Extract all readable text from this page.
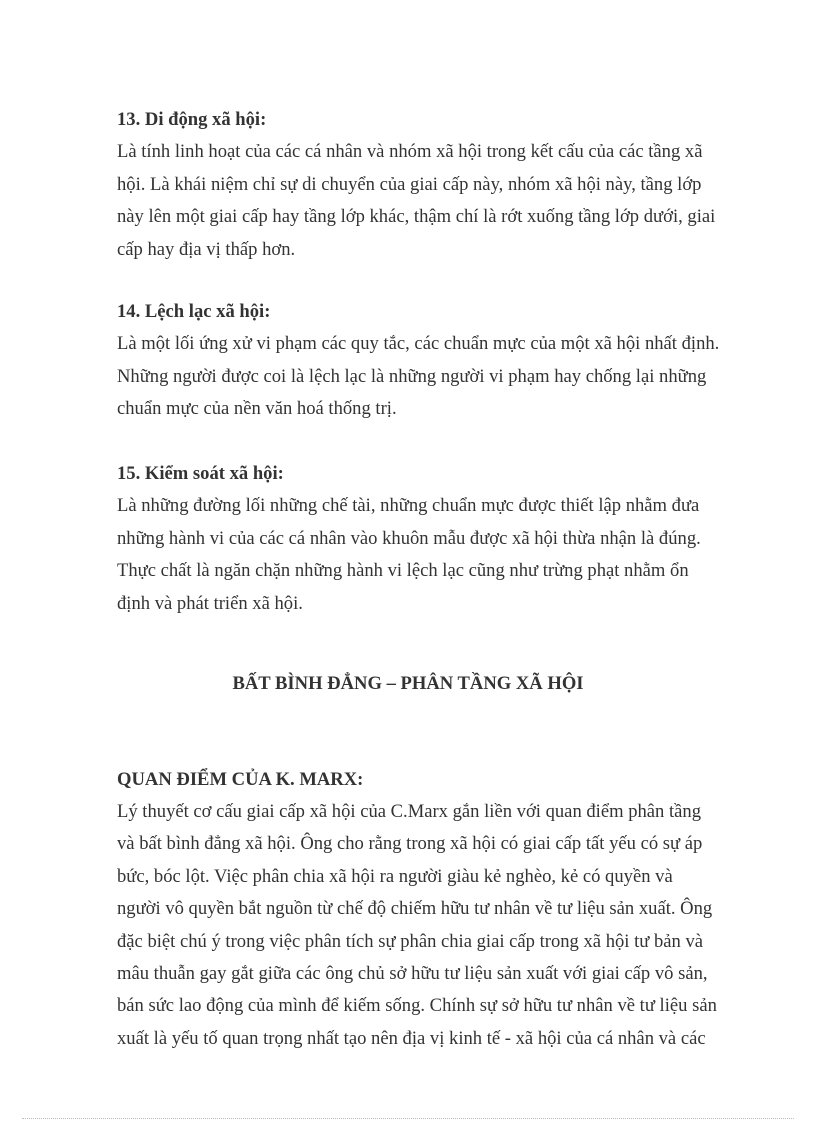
13. Di động xã hội:

Là tính linh hoạt của các cá nhân và nhóm xã hội trong kết cấu của các tầng xã

hội. Là khái niệm chỉ sự di chuyển của giai cấp này, nhóm xã hội này, tầng lớp

này lên một giai cấp hay tầng lớp khác, thậm chí là rớt xuống tầng lớp dưới, giai

cấp hay địa vị thấp hơn.

14. Lệch lạc xã hội:

Là một lối ứng xử vi phạm các quy tắc, các chuẩn mực của một xã hội nhất định.

Những người được coi là lệch lạc là những người vi phạm hay chống lại những

chuẩn mực của nền văn hoá thống trị.

15. Kiểm soát xã hội:

Là những đường lối những chế tài, những chuẩn mực được thiết lập nhằm đưa

những hành vi của các cá nhân vào khuôn mẫu được xã hội thừa nhận là đúng.

Thực chất là ngăn chặn những hành vi lệch lạc cũng như trừng phạt nhằm ổn

định và phát triển xã hội.

BẤT BÌNH ĐẲNG – PHÂN TẦNG XÃ HỘI

QUAN ĐIỂM CỦA K. MARX:

Lý thuyết cơ cấu giai cấp xã hội của C.Marx gắn liền với quan điểm phân tầng

và bất bình đẳng xã hội. Ông cho rằng trong xã hội có giai cấp tất yếu có sự áp

bức, bóc lột. Việc phân chia xã hội ra người giàu kẻ nghèo, kẻ có quyền và

người vô quyền bắt nguồn từ chế độ chiếm hữu tư nhân về tư liệu sản xuất. Ông

đặc biệt chú ý trong việc phân tích sự phân chia giai cấp trong xã hội tư bản và

mâu thuẫn gay gắt giữa các ông chủ sở hữu tư liệu sản xuất với giai cấp vô sản,

bán sức lao động của mình để kiếm sống. Chính sự sở hữu tư nhân về tư liệu sản

xuất là yếu tố quan trọng nhất tạo nên địa vị kinh tế - xã hội của cá nhân và các
